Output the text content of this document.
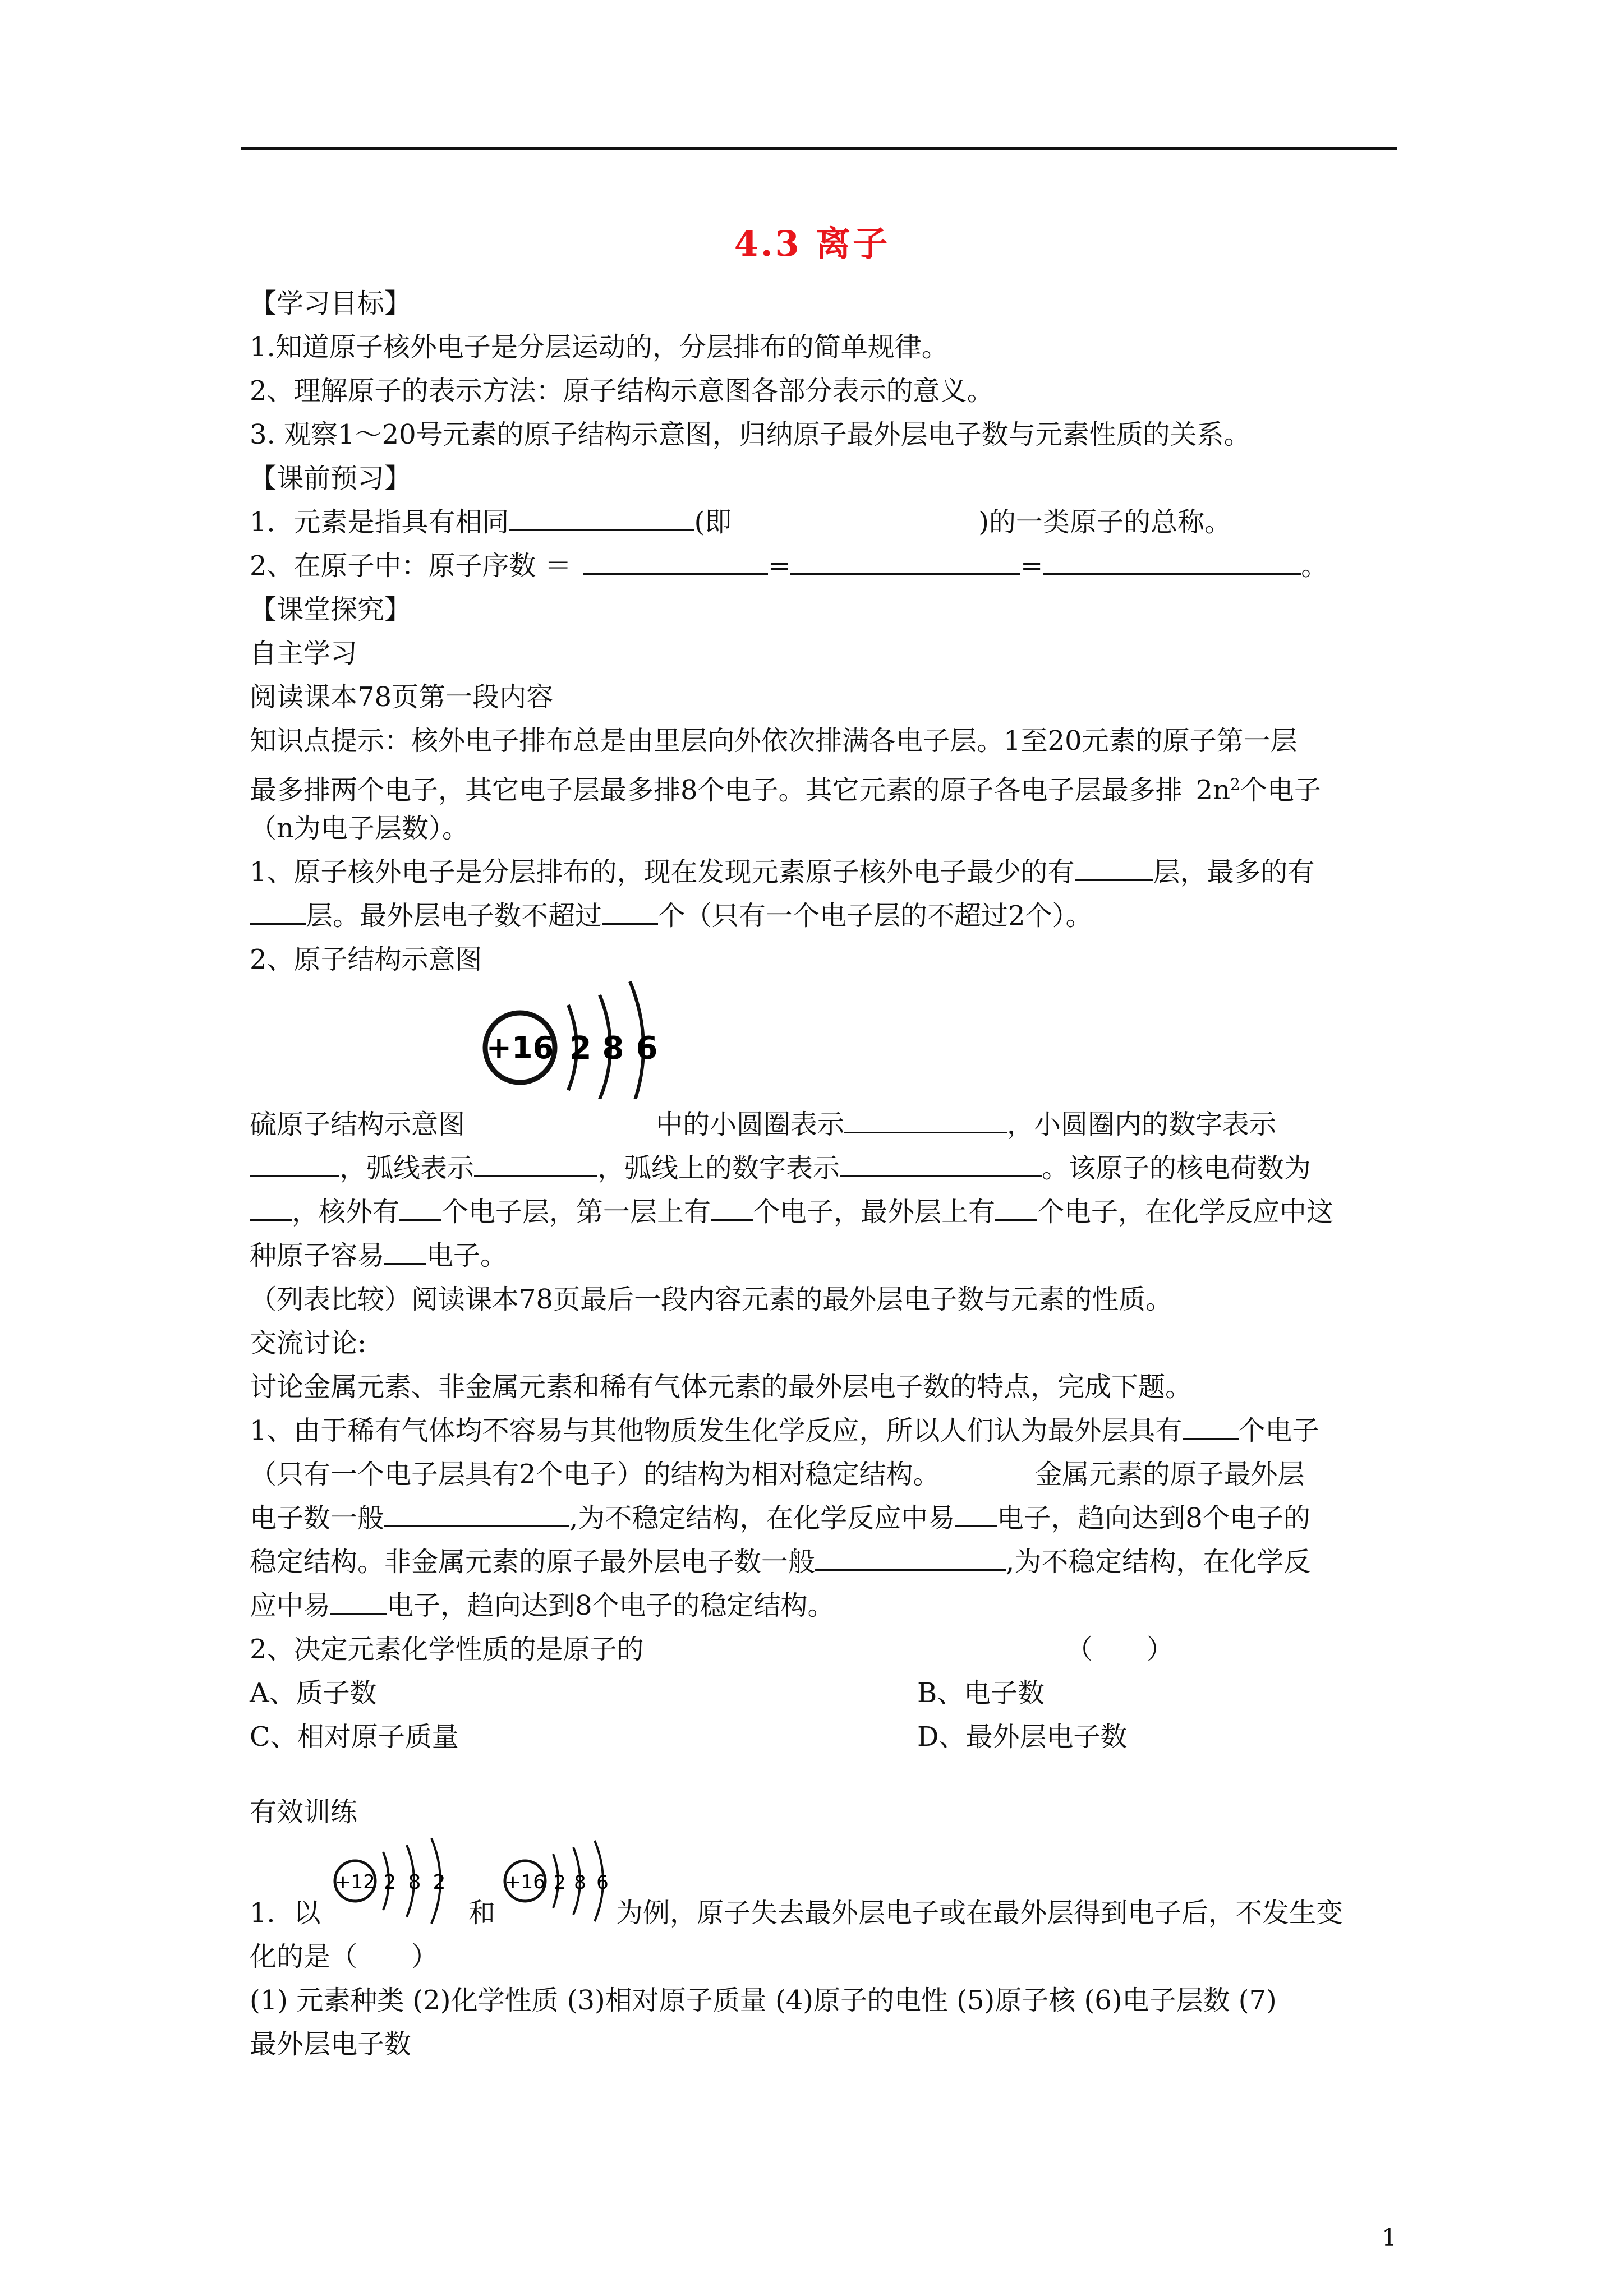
4.3 离子
【学习目标】
1.知道原子核外电子是分层运动的，分层排布的简单规律。
2、理解原子的表示方法：原子结构示意图各部分表示的意义。
3. 观察1～20号元素的原子结构示意图，归纳原子最外层电子数与元素性质的关系。
【课前预习】
1．元素是指具有相同	(即	)的一类原子的总称。
2、在原子中：原子序数 ＝	=	=	。
【课堂探究】
自主学习
阅读课本78页第一段内容
知识点提示：核外电子排布总是由里层向外依次排满各电子层。1至20元素的原子第一层
最多排两个电子，其它电子层最多排8个电子。其它元素的原子各电子层最多排 $2n^2$个电子
（n为电子层数）。
1、原子核外电子是分层排布的，现在发现元素原子核外电子最少的有	层，最多的有
层。最外层电子数不超过 个（只有一个电子层的不超过2个）。
2、原子结构示意图
+16 2 8 6
硫原子结构示意图	中的小圆圈表示	，小圆圈内的数字表示
，弧线表示	，弧线上的数字表示	。该原子的核电荷数为
，核外有 个电子层，第一层上有 个电子，最外层上有 个电子，在化学反应中这
种原子容易 电子。
（列表比较）阅读课本78页最后一段内容元素的最外层电子数与元素的性质。
交流讨论:
讨论金属元素、非金属元素和稀有气体元素的最外层电子数的特点，完成下题。
1、由于稀有气体均不容易与其他物质发生化学反应，所以人们认为最外层具有 个电子
（只有一个电子层具有2个电子）的结构为相对稳定结构。	金属元素的原子最外层
电子数一般	,为不稳定结构，在化学反应中易 电子，趋向达到8个电子的
稳定结构。非金属元素的原子最外层电子数一般	,为不稳定结构，在化学反
应中易 电子，趋向达到8个电子的稳定结构。
2、决定元素化学性质的是原子的	（　　）
A、质子数	B、电子数
C、相对原子质量	D、最外层电子数
有效训练
+12 2 8 2	+16 2 8 6
1．以	和	为例，原子失去最外层电子或在最外层得到电子后，不发生变
化的是（　　）
(1) 元素种类 (2)化学性质 (3)相对原子质量 (4)原子的电性 (5)原子核 (6)电子层数 (7)
最外层电子数
1
